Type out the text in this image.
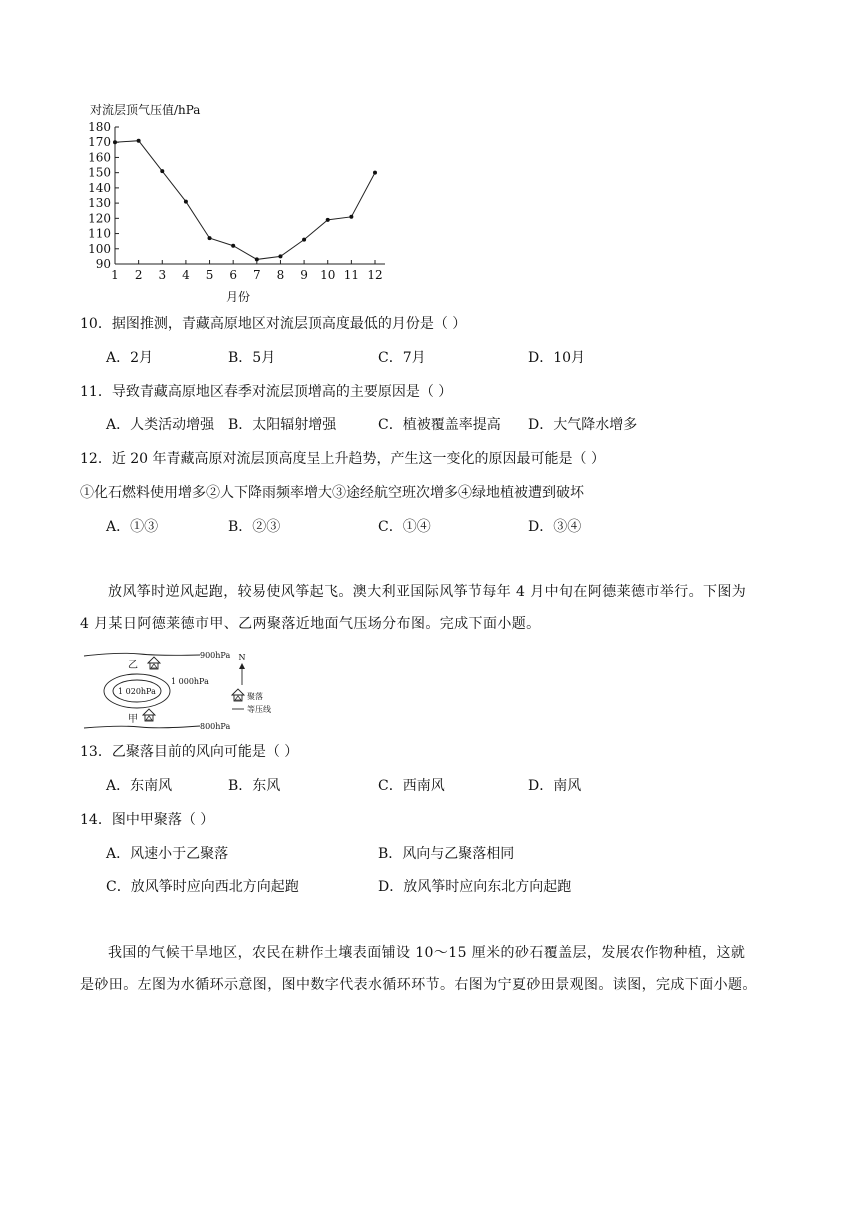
对流层顶气压值/hPa
90
100
110
120
130
140
150
160
170
180
1 2 3 4 5 6 7 8 9 10 11 12
月份
10．据图推测，青藏高原地区对流层顶高度最低的月份是（ ）
A．2月	B．5月	C．7月	D．10月
11．导致青藏高原地区春季对流层顶增高的主要原因是（ ）
A．人类活动增强 B．太阳辐射增强	C．植被覆盖率提高 D．大气降水增多
12．近 20 年青藏高原对流层顶高度呈上升趋势，产生这一变化的原因最可能是（ ）
①化石燃料使用增多②人下降雨频率增大③途经航空班次增多④绿地植被遭到破坏
A．①③	B．②③	C．①④	D．③④
放风筝时逆风起跑，较易使风筝起飞。澳大利亚国际风筝节每年 4 月中旬在阿德莱德市举行。下图为
4 月某日阿德莱德市甲、乙两聚落近地面气压场分布图。完成下面小题。
900hPa
乙
1 020hPa
1 000hPa
甲
800hPa
N
聚落
等压线
13．乙聚落目前的风向可能是（ ）
A．东南风	B．东风	C．西南风	D．南风
14．图中甲聚落（ ）
A．风速小于乙聚落	B．风向与乙聚落相同
C．放风筝时应向西北方向起跑	D．放风筝时应向东北方向起跑
我国的气候干旱地区，农民在耕作土壤表面铺设 10～15 厘米的砂石覆盖层，发展农作物种植，这就
是砂田。左图为水循环示意图，图中数字代表水循环环节。右图为宁夏砂田景观图。读图，完成下面小题。
